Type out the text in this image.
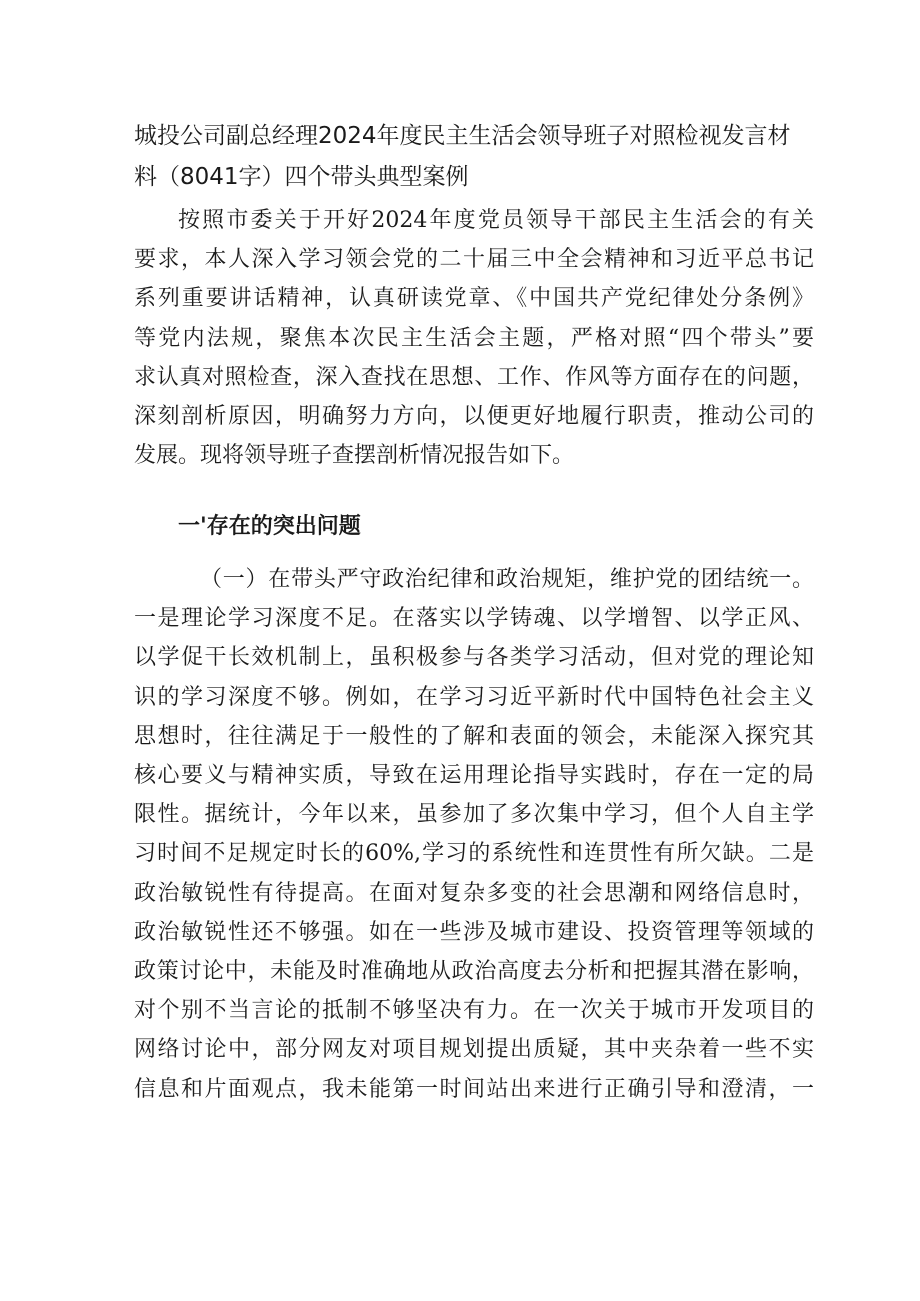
城投公司副总经理2024年度民主生活会领导班子对照检视发言材
料（8041字）四个带头典型案例
按照市委关于开好2024年度党员领导干部民主生活会的有关
要求，本人深入学习领会党的二十届三中全会精神和习近平总书记
系列重要讲话精神，认真研读党章、《中国共产党纪律处分条例》
等党内法规，聚焦本次民主生活会主题，严格对照“四个带头”要
求认真对照检查，深入查找在思想、工作、作风等方面存在的问题，
深刻剖析原因，明确努力方向，以便更好地履行职责，推动公司的
发展。现将领导班子查摆剖析情况报告如下。
一'存在的突出问题
（一）在带头严守政治纪律和政治规矩，维护党的团结统一。
一是理论学习深度不足。在落实以学铸魂、以学增智、以学正风、
以学促干长效机制上，虽积极参与各类学习活动，但对党的理论知
识的学习深度不够。例如，在学习习近平新时代中国特色社会主义
思想时，往往满足于一般性的了解和表面的领会，未能深入探究其
核心要义与精神实质，导致在运用理论指导实践时，存在一定的局
限性。据统计，今年以来，虽参加了多次集中学习，但个人自主学
习时间不足规定时长的60%,学习的系统性和连贯性有所欠缺。二是
政治敏锐性有待提高。在面对复杂多变的社会思潮和网络信息时，
政治敏锐性还不够强。如在一些涉及城市建设、投资管理等领域的
政策讨论中，未能及时准确地从政治高度去分析和把握其潜在影响，
对个别不当言论的抵制不够坚决有力。在一次关于城市开发项目的
网络讨论中，部分网友对项目规划提出质疑，其中夹杂着一些不实
信息和片面观点，我未能第一时间站出来进行正确引导和澄清，一
